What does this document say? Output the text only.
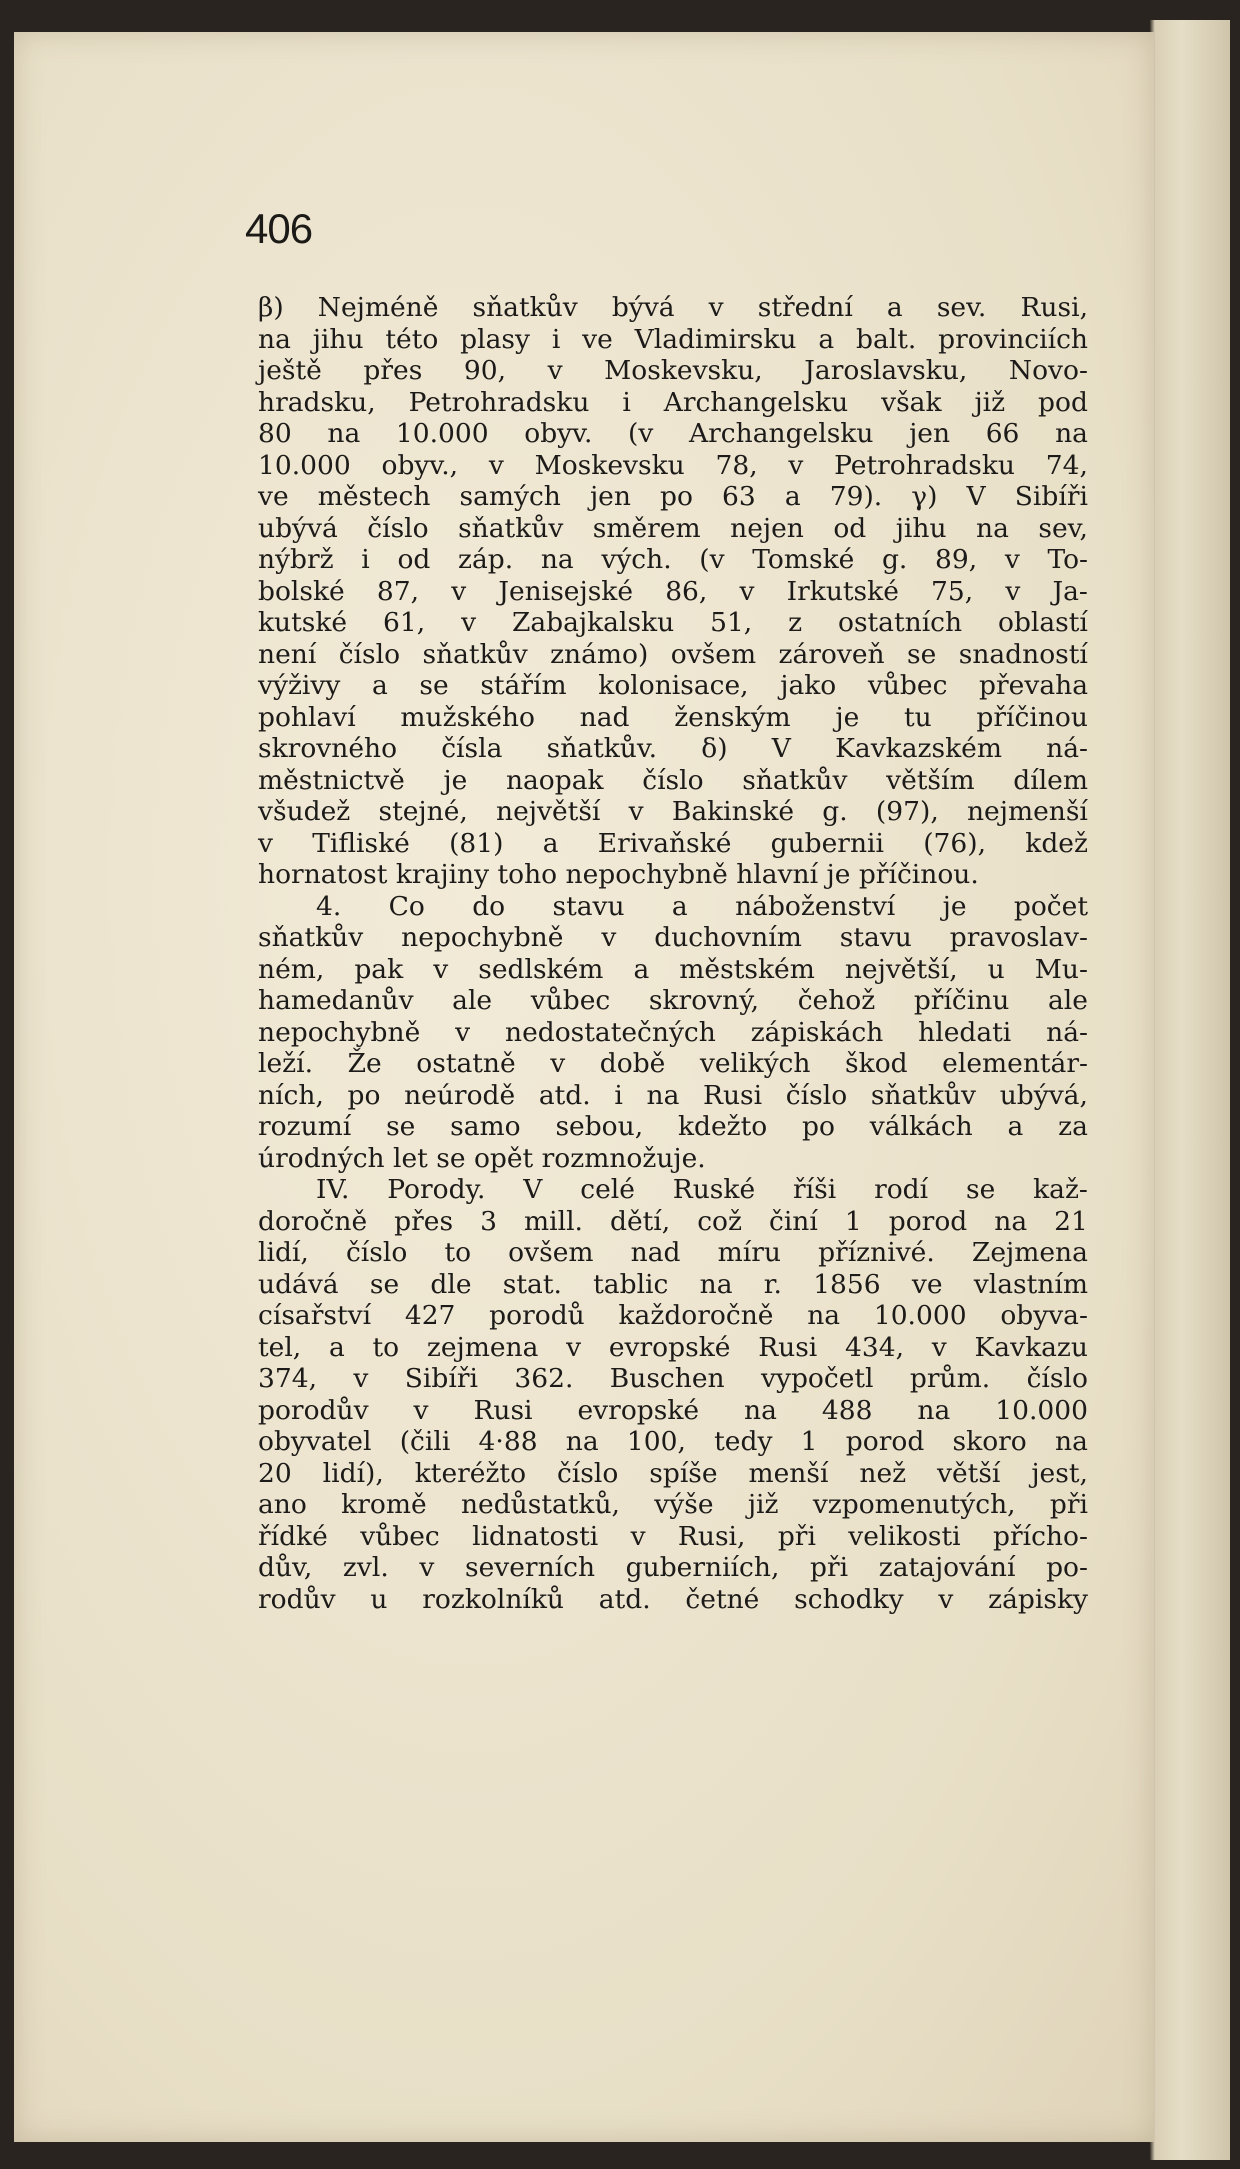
406
β) Nejméně sňatkův bývá v střední a sev. Rusi,
na jihu této plasy i ve Vladimirsku a balt. provinciích
ještě přes 90, v Moskevsku, Jaroslavsku, Novo-
hradsku, Petrohradsku i Archangelsku však již pod
80 na 10.000 obyv. (v Archangelsku jen 66 na
10.000 obyv., v Moskevsku 78, v Petrohradsku 74,
ve městech samých jen po 63 a 79). γ) V Sibíři
ubývá číslo sňatkův směrem nejen od jihu na sev,
nýbrž i od záp. na vých. (v Tomské g. 89, v To-
bolské 87, v Jenisejské 86, v Irkutské 75, v Ja-
kutské 61, v Zabajkalsku 51, z ostatních oblastí
není číslo sňatkův známo) ovšem zároveň se snadností
výživy a se stářím kolonisace, jako vůbec převaha
pohlaví mužského nad ženským je tu příčinou
skrovného čísla sňatkův. δ) V Kavkazském ná-
městnictvě je naopak číslo sňatkův větším dílem
všudež stejné, největší v Bakinské g. (97), nejmenší
v Tifliské (81) a Erivaňské gubernii (76), kdež
hornatost krajiny toho nepochybně hlavní je příčinou.
4. Co do stavu a náboženství je počet
sňatkův nepochybně v duchovním stavu pravoslav-
ném, pak v sedlském a městském největší, u Mu-
hamedanův ale vůbec skrovný, čehož příčinu ale
nepochybně v nedostatečných zápiskách hledati ná-
leží. Že ostatně v době velikých škod elementár-
ních, po neúrodě atd. i na Rusi číslo sňatkův ubývá,
rozumí se samo sebou, kdežto po válkách a za
úrodných let se opět rozmnožuje.
IV. Porody. V celé Ruské říši rodí se kaž-
doročně přes 3 mill. dětí, což činí 1 porod na 21
lidí, číslo to ovšem nad míru příznivé. Zejmena
udává se dle stat. tablic na r. 1856 ve vlastním
císařství 427 porodů každoročně na 10.000 obyva-
tel, a to zejmena v evropské Rusi 434, v Kavkazu
374, v Sibíři 362. Buschen vypočetl prům. číslo
porodův v Rusi evropské na 488 na 10.000
obyvatel (čili 4·88 na 100, tedy 1 porod skoro na
20 lidí), kteréžto číslo spíše menší než větší jest,
ano kromě nedůstatků, výše již vzpomenutých, při
řídké vůbec lidnatosti v Rusi, při velikosti přícho-
dův, zvl. v severních guberniích, při zatajování po-
rodův u rozkolníků atd. četné schodky v zápisky
